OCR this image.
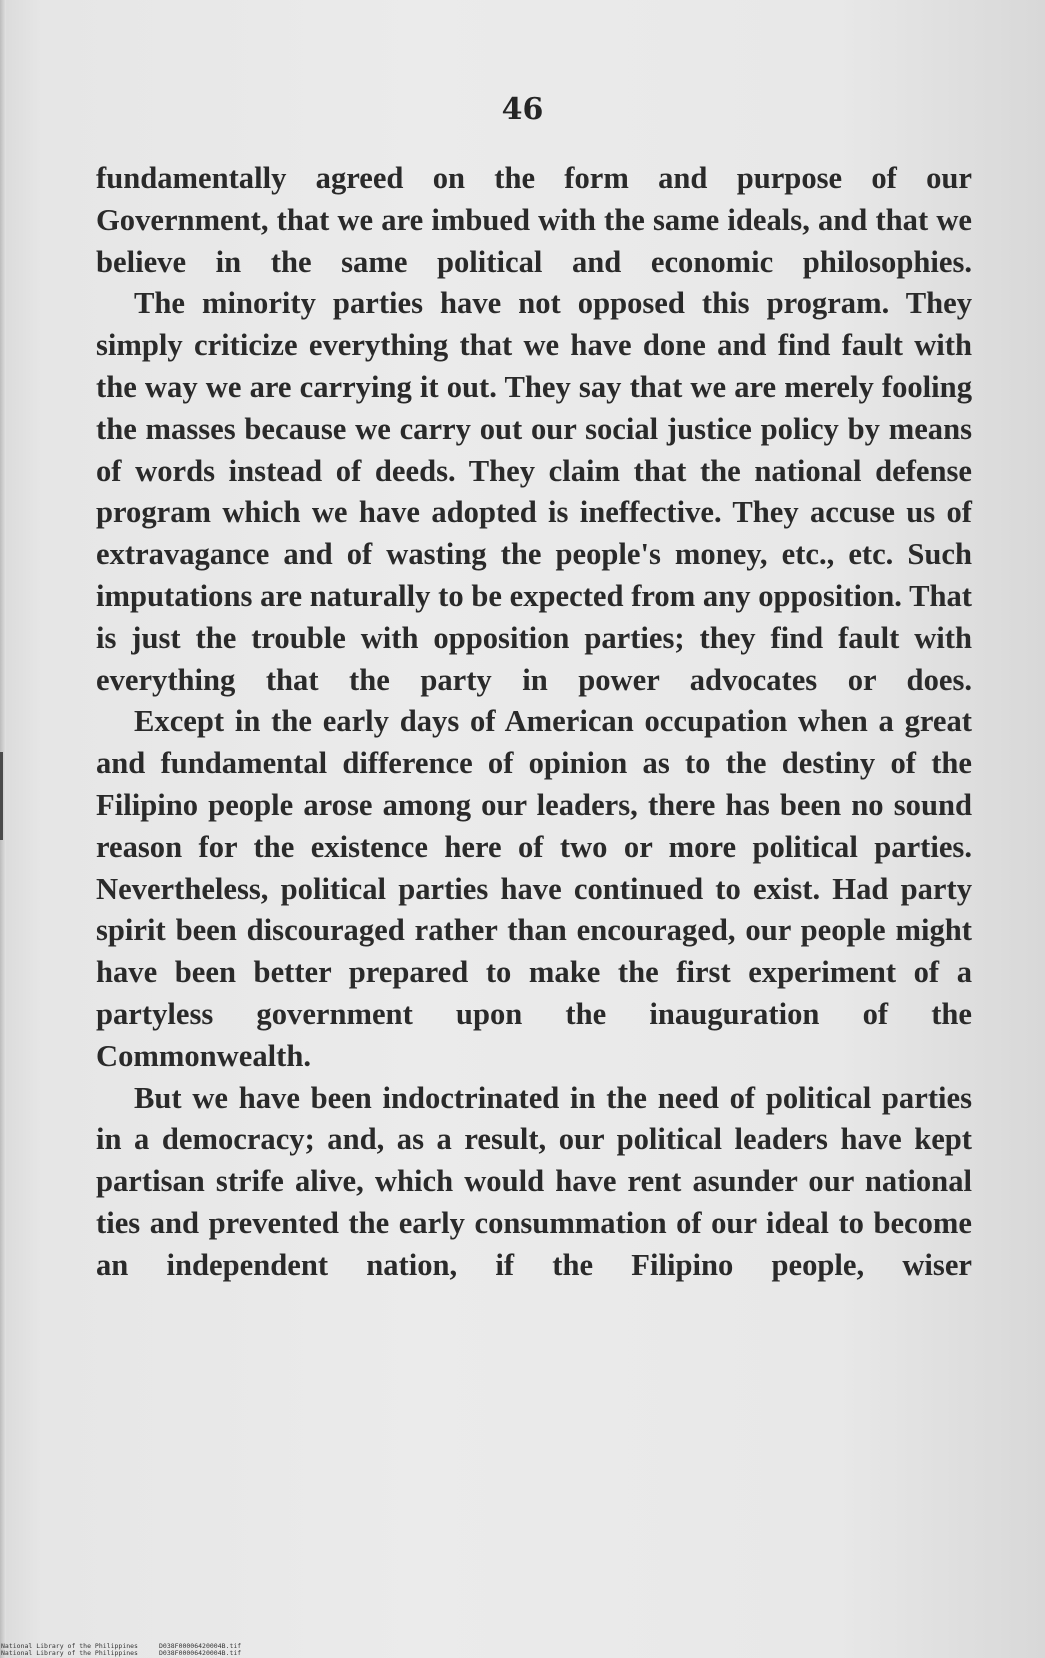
46

fundamentally agreed on the form and purpose of our Government, that we are imbued with the same ideals, and that we believe in the same political and economic philosophies.

The minority parties have not opposed this program. They simply criticize everything that we have done and find fault with the way we are carrying it out. They say that we are merely fooling the masses because we carry out our social justice policy by means of words instead of deeds. They claim that the national defense program which we have adopted is ineffective. They accuse us of extravagance and of wasting the people's money, etc., etc. Such imputations are naturally to be expected from any opposition. That is just the trouble with opposition parties; they find fault with everything that the party in power advocates or does.

Except in the early days of American occupation when a great and fundamental difference of opinion as to the destiny of the Filipino people arose among our leaders, there has been no sound reason for the existence here of two or more political parties. Nevertheless, political parties have continued to exist. Had party spirit been discouraged rather than encouraged, our people might have been better prepared to make the first experiment of a partyless government upon the inauguration of the Commonwealth.

But we have been indoctrinated in the need of political parties in a democracy; and, as a result, our political leaders have kept partisan strife alive, which would have rent asunder our national ties and prevented the early consummation of our ideal to become an independent nation, if the Filipino people, wiser

National Library of the Philippines	D038F00006420004B.tif
National Library of the Philippines	D038F00006420004B.tif
